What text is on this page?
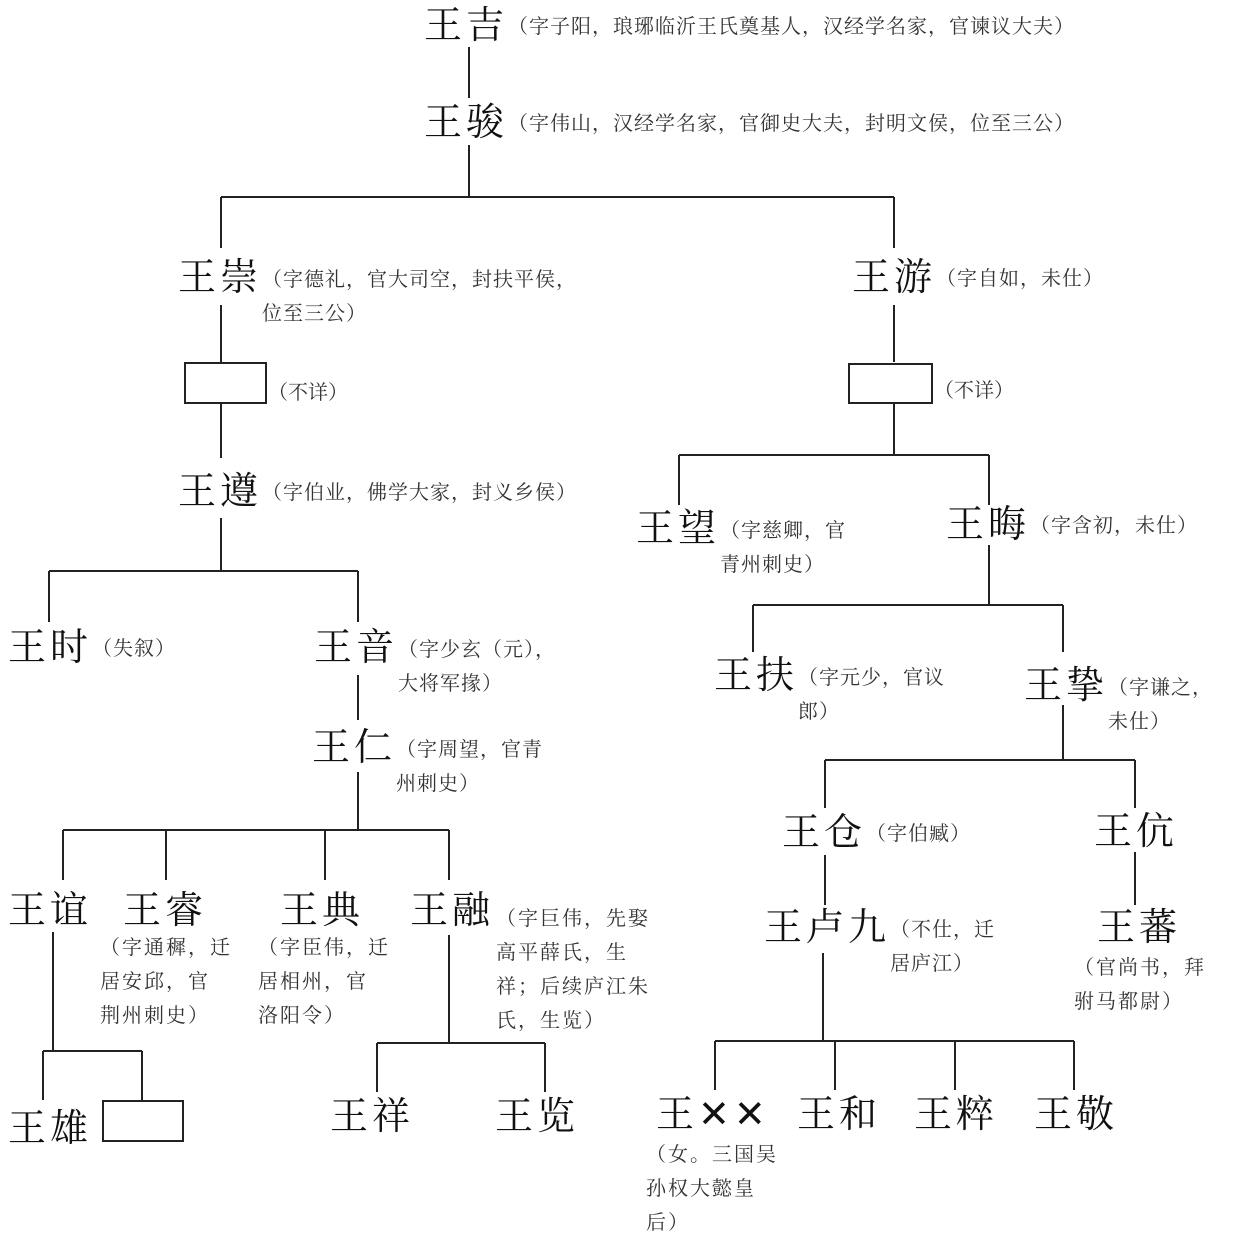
王吉（字子阳，琅琊临沂王氏奠基人，汉经学名家，官谏议大夫）
王骏（字伟山，汉经学名家，官御史大夫，封明文侯，位至三公）
王崇（字德礼，官大司空，封扶平侯，
位至三公）
王游（字自如，未仕）
（不详）	（不详）
王遵（字伯业，佛学大家，封义乡侯）
王望（字慈卿，官
青州刺史）
王晦（字含初，未仕）
王时（失叙）	王音（字少玄（元），
大将军掾）	王扶（字元少，官议
郎）
王挚（字谦之，
未仕）
王仁（字周望，官青
州刺史）
王仓（字伯臧）	王伉
王谊 王睿
（字通穉，迁
居安邱，官
荆州刺史）
王典
（字臣伟，迁
居相州，官
洛阳令）
王融 （字巨伟，先娶
高平薛氏，生
祥；后续庐江朱
氏，生览）
王卢九（不仕，迁
居庐江）
王蕃
（官尚书，拜
驸马都尉）
王雄	王祥 王览 王✕✕
（女。三国吴
孙权大懿皇
后）
王和 王粹 王敬
